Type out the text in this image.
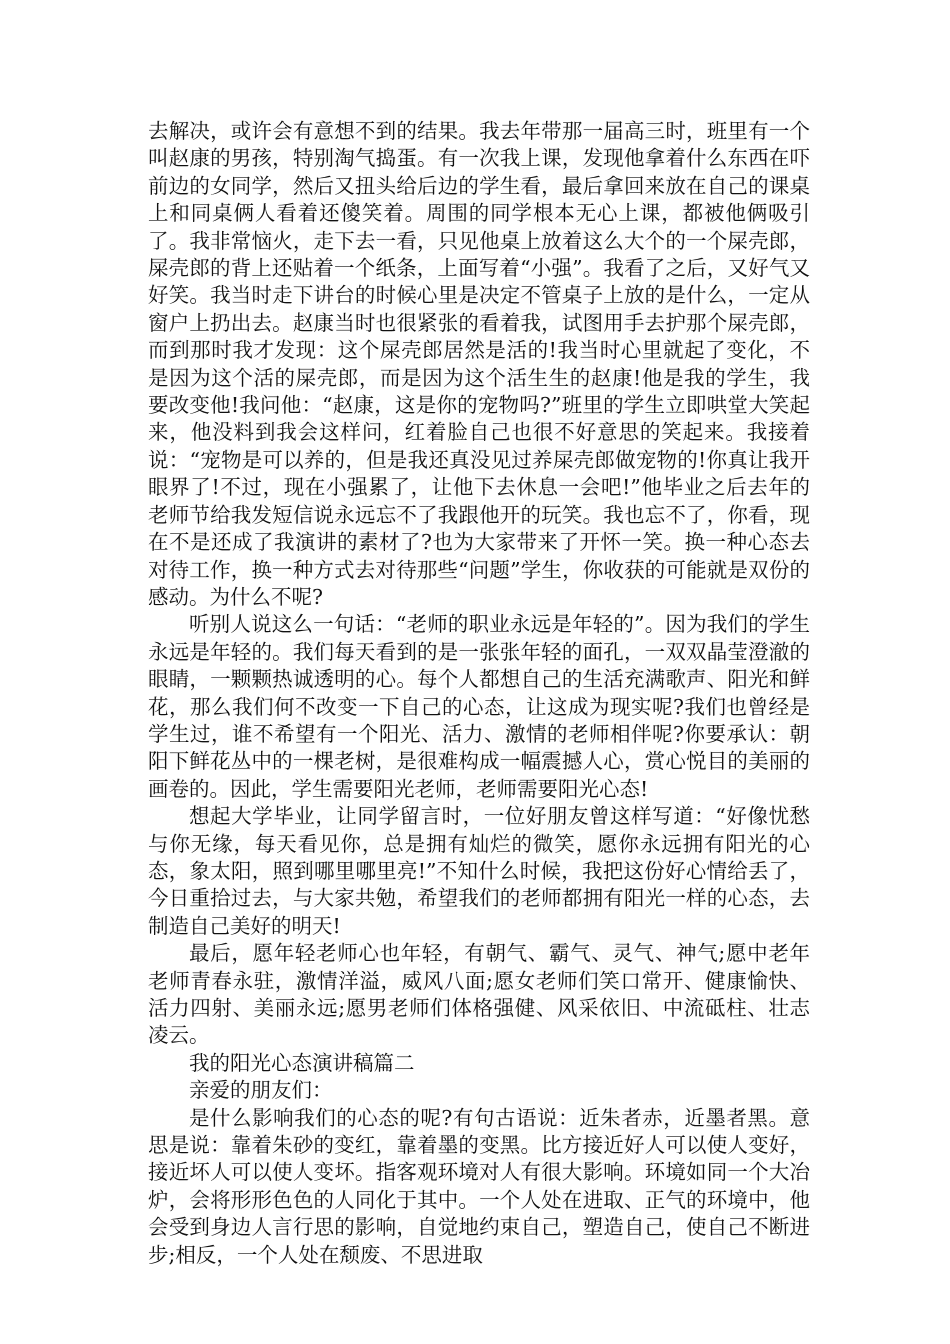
去解决，或许会有意想不到的结果。我去年带那一届高三时，班里有一个叫赵康的男孩，特别淘气捣蛋。有一次我上课，发现他拿着什么东西在吓前边的女同学，然后又扭头给后边的学生看，最后拿回来放在自己的课桌上和同桌俩人看着还傻笑着。周围的同学根本无心上课，都被他俩吸引了。我非常恼火，走下去一看，只见他桌上放着这么大个的一个屎壳郎，屎壳郎的背上还贴着一个纸条，上面写着“小强”。我看了之后，又好气又好笑。我当时走下讲台的时候心里是决定不管桌子上放的是什么，一定从窗户上扔出去。赵康当时也很紧张的看着我，试图用手去护那个屎壳郎，而到那时我才发现：这个屎壳郎居然是活的!我当时心里就起了变化，不是因为这个活的屎壳郎，而是因为这个活生生的赵康!他是我的学生，我要改变他!我问他：“赵康，这是你的宠物吗?”班里的学生立即哄堂大笑起来，他没料到我会这样问，红着脸自己也很不好意思的笑起来。我接着说：“宠物是可以养的，但是我还真没见过养屎壳郎做宠物的!你真让我开眼界了!不过，现在小强累了，让他下去休息一会吧!”他毕业之后去年的老师节给我发短信说永远忘不了我跟他开的玩笑。我也忘不了，你看，现在不是还成了我演讲的素材了?也为大家带来了开怀一笑。换一种心态去对待工作，换一种方式去对待那些“问题”学生，你收获的可能就是双份的感动。为什么不呢?

听别人说这么一句话：“老师的职业永远是年轻的”。因为我们的学生永远是年轻的。我们每天看到的是一张张年轻的面孔，一双双晶莹澄澈的眼睛，一颗颗热诚透明的心。每个人都想自己的生活充满歌声、阳光和鲜花，那么我们何不改变一下自己的心态，让这成为现实呢?我们也曾经是学生过，谁不希望有一个阳光、活力、激情的老师相伴呢?你要承认：朝阳下鲜花丛中的一棵老树，是很难构成一幅震撼人心，赏心悦目的美丽的画卷的。因此，学生需要阳光老师，老师需要阳光心态!

想起大学毕业，让同学留言时，一位好朋友曾这样写道：“好像忧愁与你无缘，每天看见你，总是拥有灿烂的微笑，愿你永远拥有阳光的心态，象太阳，照到哪里哪里亮!”不知什么时候，我把这份好心情给丢了，今日重拾过去，与大家共勉，希望我们的老师都拥有阳光一样的心态，去制造自己美好的明天!

最后，愿年轻老师心也年轻，有朝气、霸气、灵气、神气;愿中老年老师青春永驻，激情洋溢，威风八面;愿女老师们笑口常开、健康愉快、活力四射、美丽永远;愿男老师们体格强健、风采依旧、中流砥柱、壮志凌云。

我的阳光心态演讲稿篇二

亲爱的朋友们：

是什么影响我们的心态的呢?有句古语说：近朱者赤，近墨者黑。意思是说：靠着朱砂的变红，靠着墨的变黑。比方接近好人可以使人变好，接近坏人可以使人变坏。指客观环境对人有很大影响。环境如同一个大冶炉，会将形形色色的人同化于其中。一个人处在进取、正气的环境中，他会受到身边人言行思的影响，自觉地约束自己，塑造自己，使自己不断进步;相反，一个人处在颓废、不思进取
